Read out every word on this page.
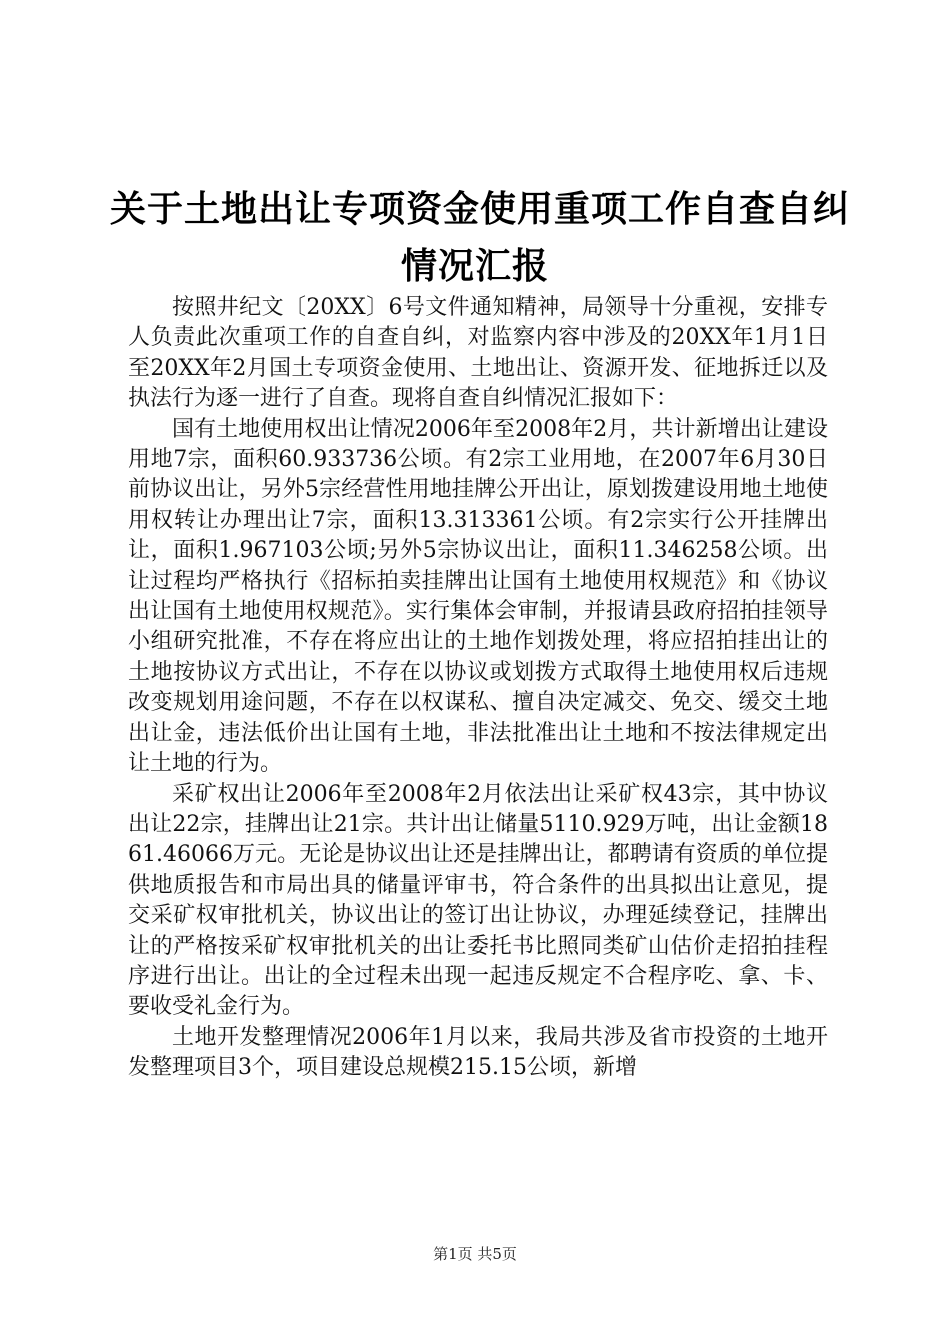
关于土地出让专项资金使用重项工作自查自纠
情况汇报

按照井纪文〔20XX〕6号文件通知精神，局领导十分重视，安排专人负责此次重项工作的自查自纠，对监察内容中涉及的20XX年1月1日至20XX年2月国土专项资金使用、土地出让、资源开发、征地拆迁以及执法行为逐一进行了自查。现将自查自纠情况汇报如下：

国有土地使用权出让情况2006年至2008年2月，共计新增出让建设用地7宗，面积60.933736公顷。有2宗工业用地，在2007年6月30日前协议出让，另外5宗经营性用地挂牌公开出让，原划拨建设用地土地使用权转让办理出让7宗，面积13.313361公顷。有2宗实行公开挂牌出让，面积1.967103公顷;另外5宗协议出让，面积11.346258公顷。出让过程均严格执行《招标拍卖挂牌出让国有土地使用权规范》和《协议出让国有土地使用权规范》。实行集体会审制，并报请县政府招拍挂领导小组研究批准，不存在将应出让的土地作划拨处理，将应招拍挂出让的土地按协议方式出让，不存在以协议或划拨方式取得土地使用权后违规改变规划用途问题，不存在以权谋私、擅自决定减交、免交、缓交土地出让金，违法低价出让国有土地，非法批准出让土地和不按法律规定出让土地的行为。

采矿权出让2006年至2008年2月依法出让采矿权43宗，其中协议出让22宗，挂牌出让21宗。共计出让储量5110.929万吨，出让金额1861.46066万元。无论是协议出让还是挂牌出让，都聘请有资质的单位提供地质报告和市局出具的储量评审书，符合条件的出具拟出让意见，提交采矿权审批机关，协议出让的签订出让协议，办理延续登记，挂牌出让的严格按采矿权审批机关的出让委托书比照同类矿山估价走招拍挂程序进行出让。出让的全过程未出现一起违反规定不合程序吃、拿、卡、要收受礼金行为。

土地开发整理情况2006年1月以来，我局共涉及省市投资的土地开发整理项目3个，项目建设总规模215.15公顷，新增

第1页 共5页
